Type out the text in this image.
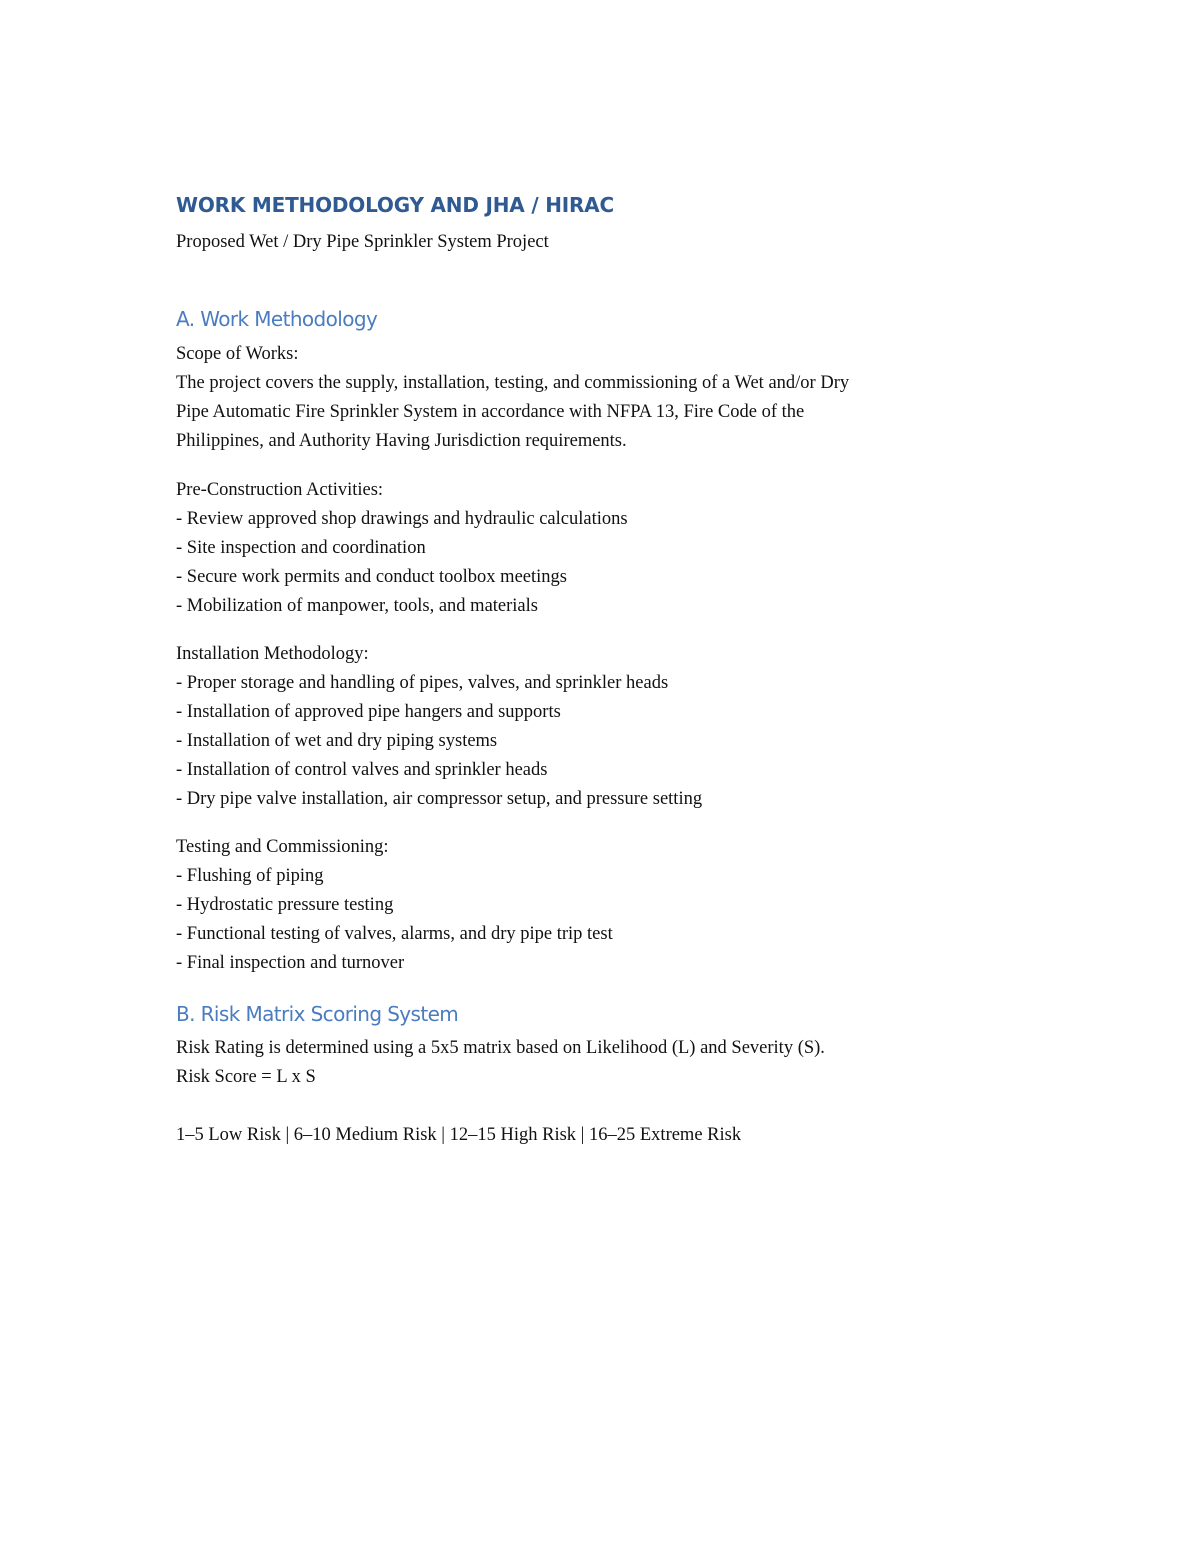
WORK METHODOLOGY AND JHA / HIRAC
Proposed Wet / Dry Pipe Sprinkler System Project
A. Work Methodology
Scope of Works:
The project covers the supply, installation, testing, and commissioning of a Wet and/or Dry
Pipe Automatic Fire Sprinkler System in accordance with NFPA 13, Fire Code of the
Philippines, and Authority Having Jurisdiction requirements.
Pre-Construction Activities:
- Review approved shop drawings and hydraulic calculations
- Site inspection and coordination
- Secure work permits and conduct toolbox meetings
- Mobilization of manpower, tools, and materials
Installation Methodology:
- Proper storage and handling of pipes, valves, and sprinkler heads
- Installation of approved pipe hangers and supports
- Installation of wet and dry piping systems
- Installation of control valves and sprinkler heads
- Dry pipe valve installation, air compressor setup, and pressure setting
Testing and Commissioning:
- Flushing of piping
- Hydrostatic pressure testing
- Functional testing of valves, alarms, and dry pipe trip test
- Final inspection and turnover
B. Risk Matrix Scoring System
Risk Rating is determined using a 5x5 matrix based on Likelihood (L) and Severity (S).
Risk Score = L x S
1–5 Low Risk | 6–10 Medium Risk | 12–15 High Risk | 16–25 Extreme Risk
